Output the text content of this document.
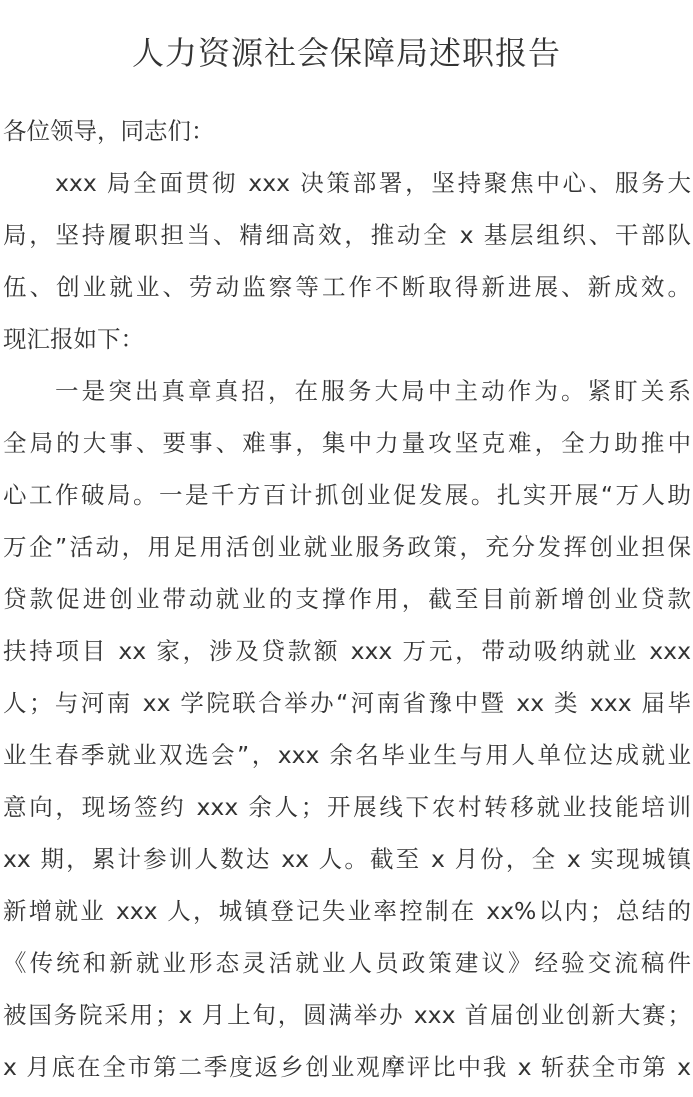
人力资源社会保障局述职报告
各位领导，同志们：
xxx 局全面贯彻 xxx 决策部署，坚持聚焦中心、服务大
局，坚持履职担当、精细高效，推动全 x 基层组织、干部队
伍、创业就业、劳动监察等工作不断取得新进展、新成效。
现汇报如下：
一是突出真章真招，在服务大局中主动作为。紧盯关系
全局的大事、要事、难事，集中力量攻坚克难，全力助推中
心工作破局。一是千方百计抓创业促发展。扎实开展“万人助
万企”活动，用足用活创业就业服务政策，充分发挥创业担保
贷款促进创业带动就业的支撑作用，截至目前新增创业贷款
扶持项目 xx 家，涉及贷款额 xxx 万元，带动吸纳就业 xxx
人；与河南 xx 学院联合举办“河南省豫中暨 xx 类 xxx 届毕
业生春季就业双选会”，xxx 余名毕业生与用人单位达成就业
意向，现场签约 xxx 余人；开展线下农村转移就业技能培训
xx 期，累计参训人数达 xx 人。截至 x 月份，全 x 实现城镇
新增就业 xxx 人，城镇登记失业率控制在 xx%以内；总结的
《传统和新就业形态灵活就业人员政策建议》经验交流稿件
被国务院采用；x 月上旬，圆满举办 xxx 首届创业创新大赛；
x 月底在全市第二季度返乡创业观摩评比中我 x 斩获全市第 x
